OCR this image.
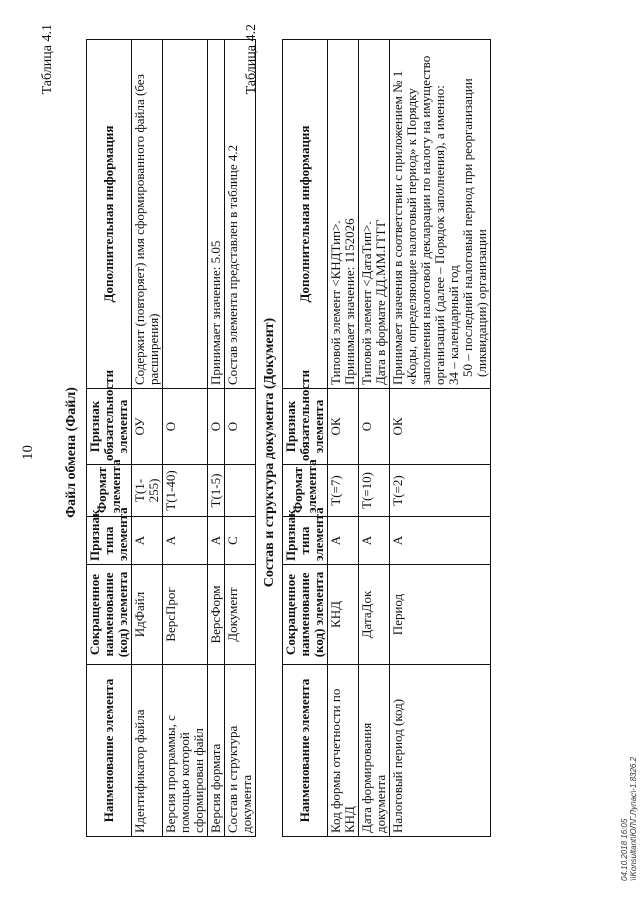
10
Таблица 4.1
Файл обмена (Файл)
Наименование элемента	Сокращенное наименование (код) элемента	Признак типа элемента	Формат элемента	Признак обязательности элемента	Дополнительная информация
Идентификатор файла	ИдФайл	А	Т(1-255)	ОУ	Содержит (повторяет) имя сформированного файла (без расширения)
Версия программы, с помощью которой сформирован файл	ВерсПрог	А	Т(1-40)	О	
Версия формата	ВерсФорм	А	Т(1-5)	О	Принимает значение: 5.05
Состав и структура документа	Документ	С		О	Состав элемента представлен в таблице 4.2
Таблица 4.2
Состав и структура документа (Документ)
Наименование элемента	Сокращенное наименование (код) элемента	Признак типа элемента	Формат элемента	Признак обязательности элемента	Дополнительная информация
Код формы отчетности по КНД	КНД	А	Т(=7)	ОК	Типовой элемент <КНДТип>. Принимает значение: 1152026

Дата формирования документа	ДатаДок	А	Т(=10)	О	Типовой элемент <ДатаТип>. Дата в формате ДД.ММ.ГГГГ

Налоговый период (код)	Период	А	Т(=2)	ОК	Принимает значения в соответствии с приложением № 1 «Коды, определяющие налоговый период» к Порядку заполнения налоговой декларации по налогу на имущество организаций (далее – Порядок заполнения), а именно: 34 – календарный год 50 – последний налоговый период при реорганизации (ликвидации) организации
04.10.2018 16:05 \\Konsultant\ЮЛ\Г.Лупас\-1.8326.2
